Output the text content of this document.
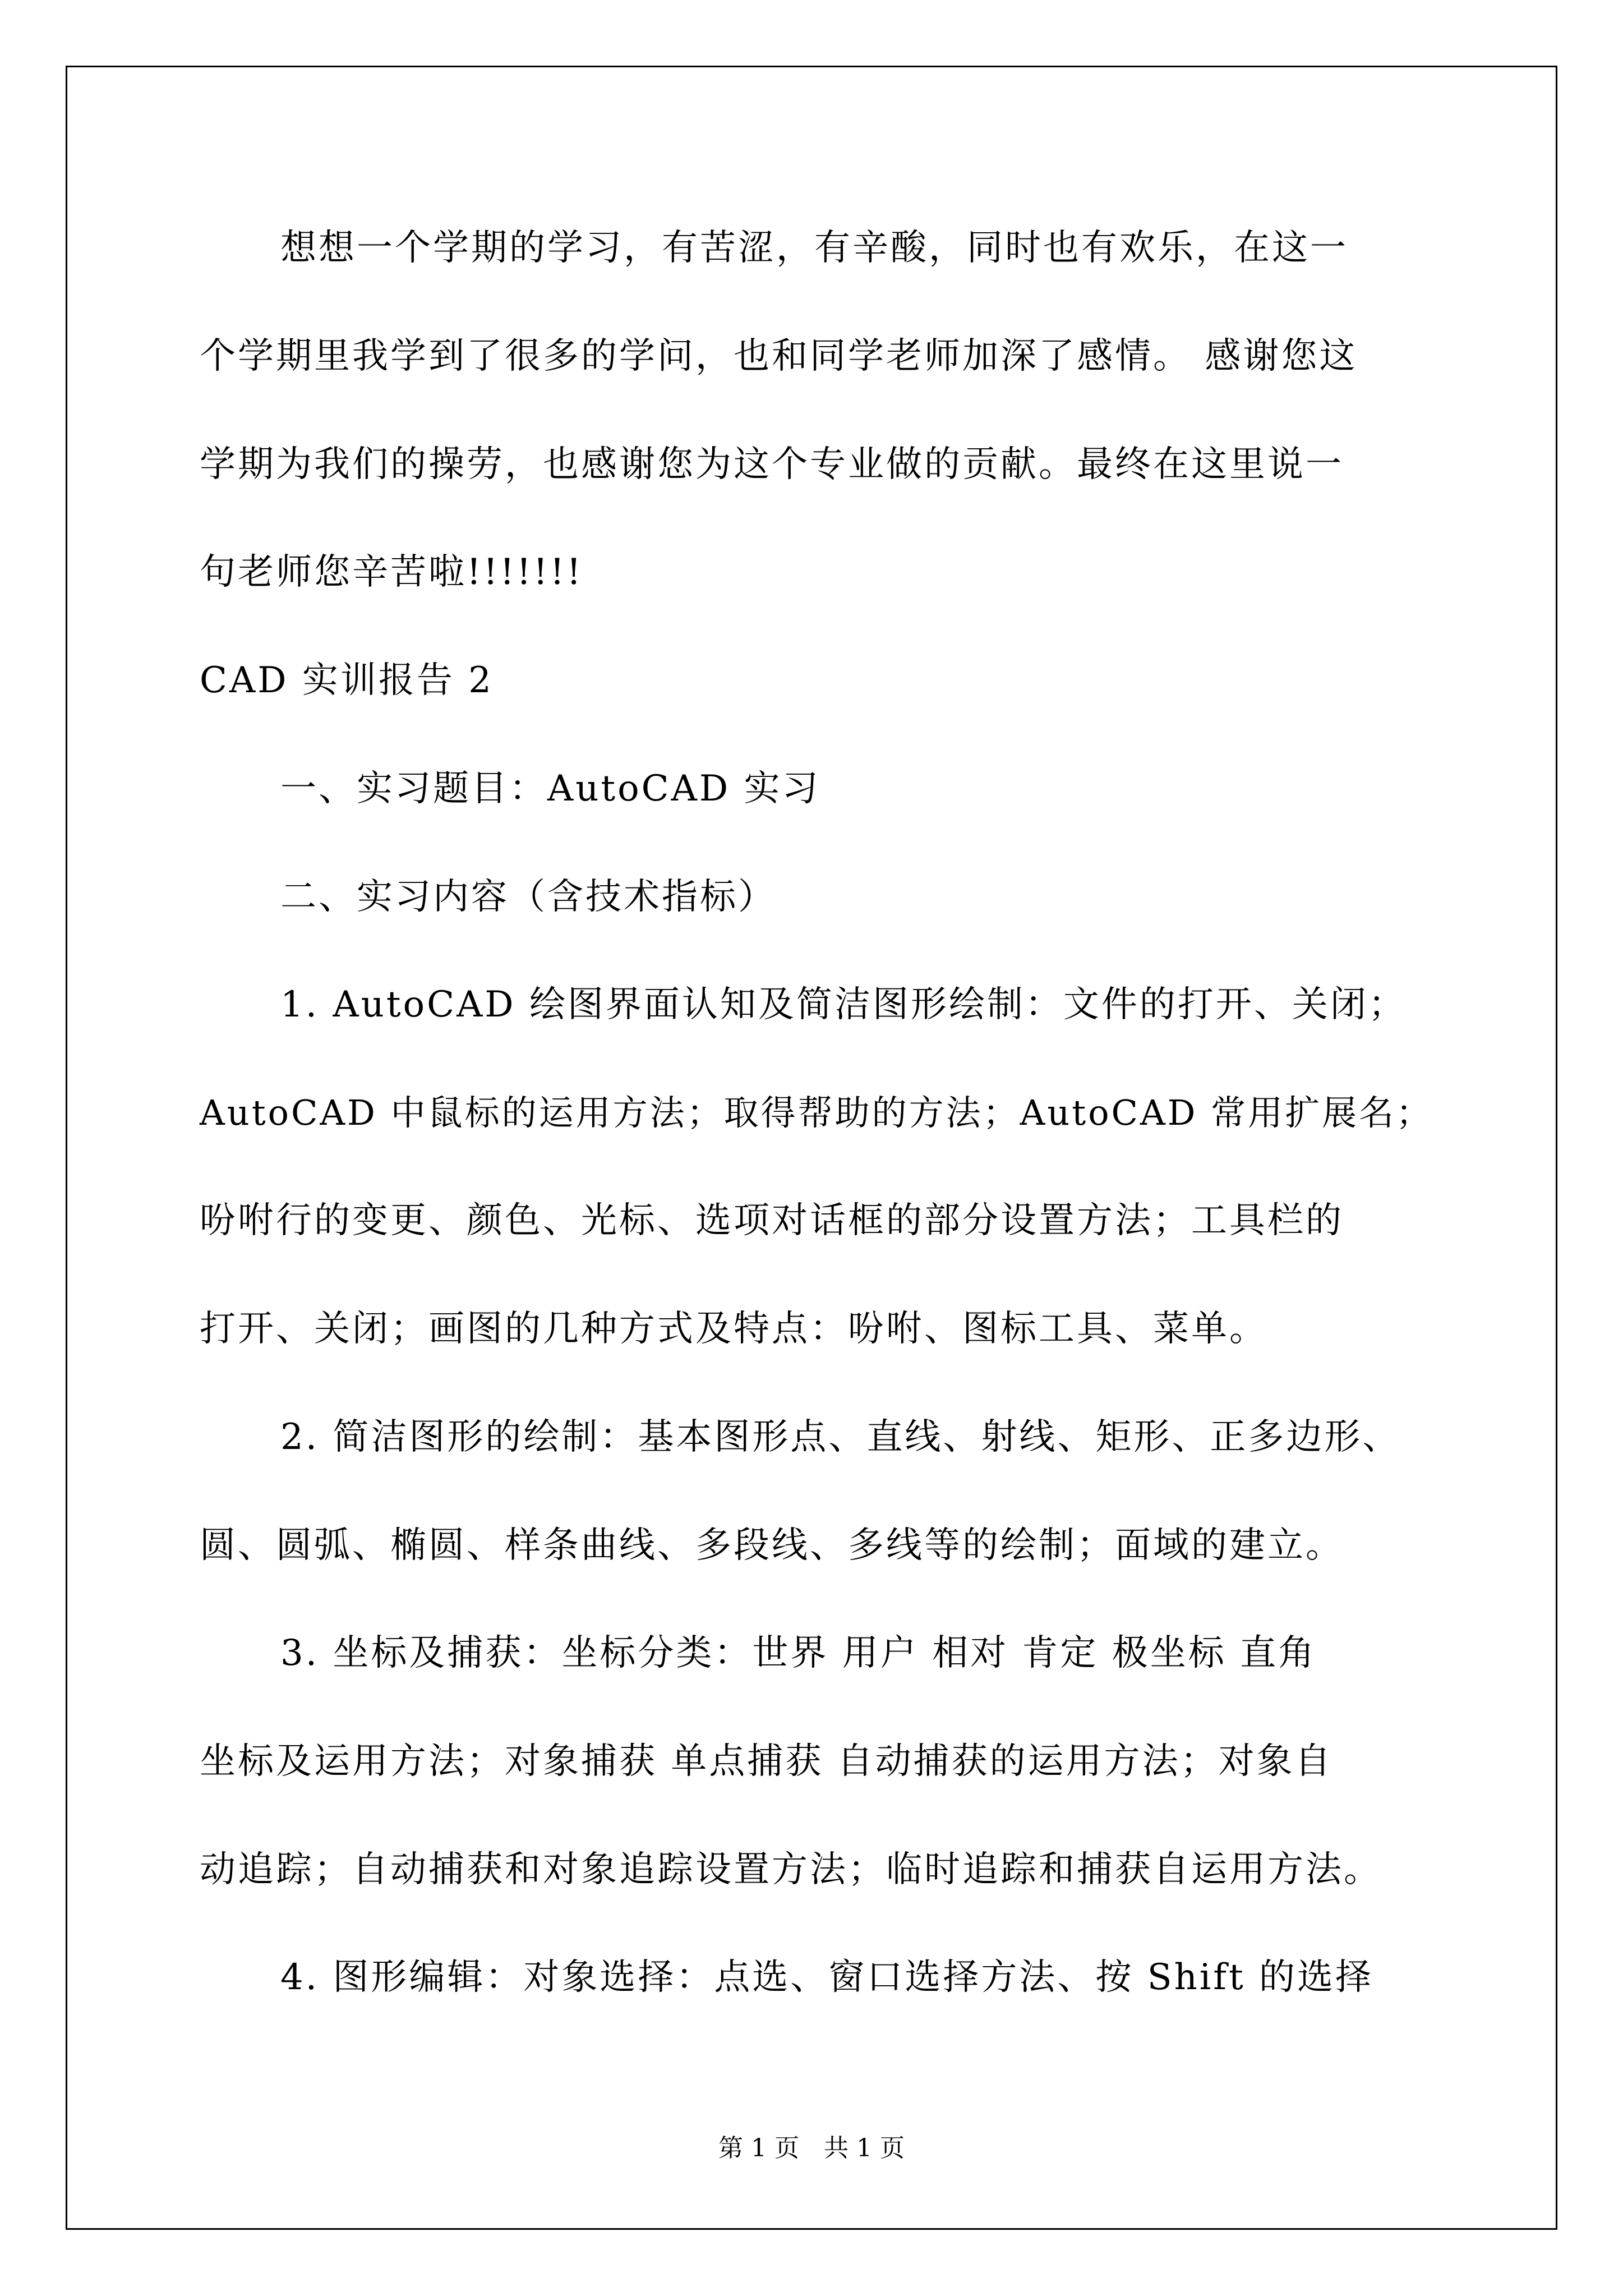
想想一个学期的学习，有苦涩，有辛酸，同时也有欢乐，在这一
个学期里我学到了很多的学问，也和同学老师加深了感情。 感谢您这
学期为我们的操劳，也感谢您为这个专业做的贡献。最终在这里说一
句老师您辛苦啦!!!!!!!
CAD 实训报告 2
一、实习题目：AutoCAD 实习
二、实习内容（含技术指标）
1. AutoCAD 绘图界面认知及简洁图形绘制：文件的打开、关闭；
AutoCAD 中鼠标的运用方法；取得帮助的方法；AutoCAD 常用扩展名；
吩咐行的变更、颜色、光标、选项对话框的部分设置方法；工具栏的
打开、关闭；画图的几种方式及特点：吩咐、图标工具、菜单。
2. 简洁图形的绘制：基本图形点、直线、射线、矩形、正多边形、
圆、圆弧、椭圆、样条曲线、多段线、多线等的绘制；面域的建立。
3. 坐标及捕获：坐标分类：世界 用户 相对 肯定 极坐标 直角
坐标及运用方法；对象捕获 单点捕获 自动捕获的运用方法；对象自
动追踪；自动捕获和对象追踪设置方法；临时追踪和捕获自运用方法。
4. 图形编辑：对象选择：点选、窗口选择方法、按 Shift 的选择
第 1 页　共 1 页
